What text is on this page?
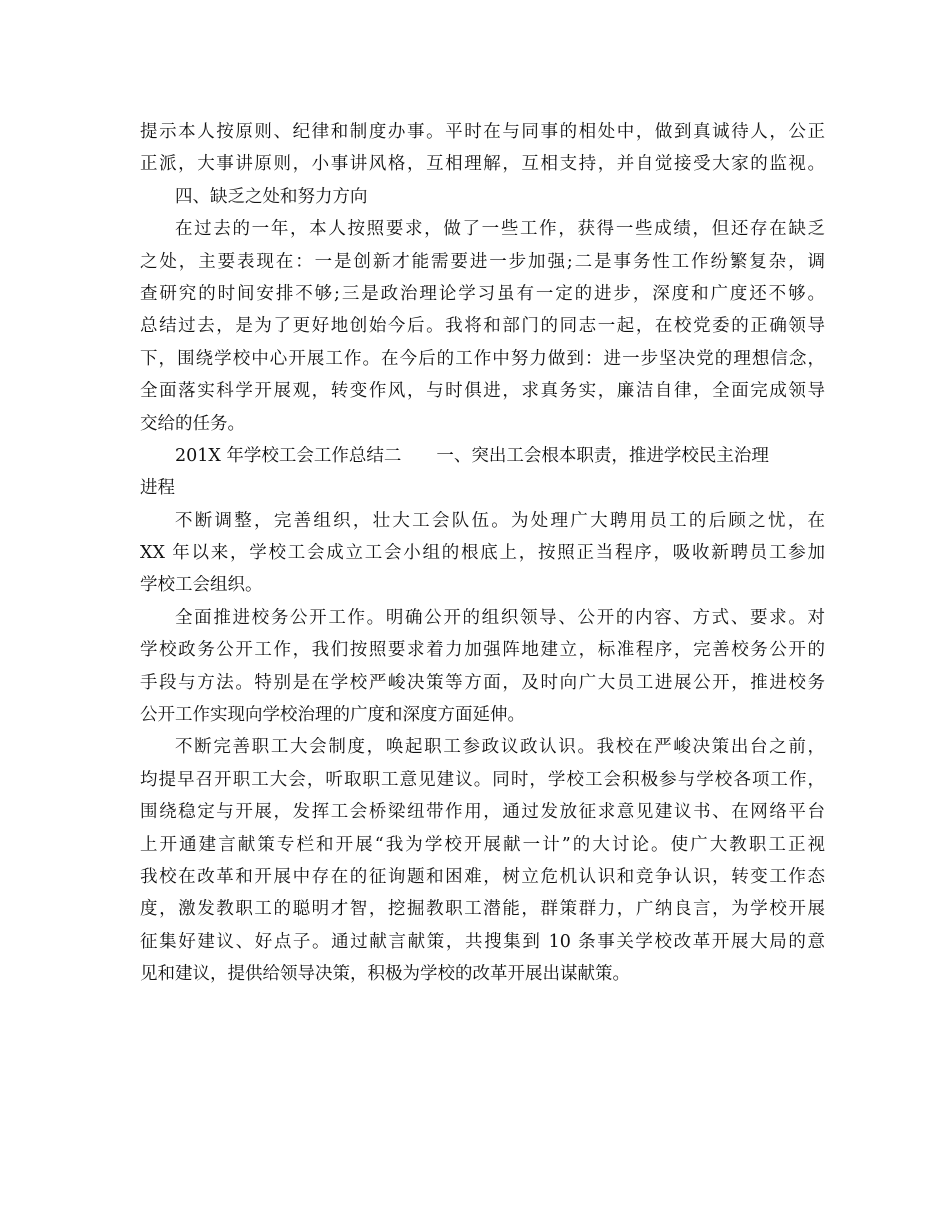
提示本人按原则、纪律和制度办事。平时在与同事的相处中，做到真诚待人，公正
正派，大事讲原则，小事讲风格，互相理解，互相支持，并自觉接受大家的监视。
四、缺乏之处和努力方向
在过去的一年，本人按照要求，做了一些工作，获得一些成绩，但还存在缺乏
之处，主要表现在：一是创新才能需要进一步加强;二是事务性工作纷繁复杂，调
查研究的时间安排不够;三是政治理论学习虽有一定的进步，深度和广度还不够。
总结过去，是为了更好地创始今后。我将和部门的同志一起，在校党委的正确领导
下，围绕学校中心开展工作。在今后的工作中努力做到：进一步坚决党的理想信念，
全面落实科学开展观，转变作风，与时俱进，求真务实，廉洁自律，全面完成领导
交给的任务。
201X 年学校工会工作总结二　　一、突出工会根本职责，推进学校民主治理
进程
不断调整，完善组织，壮大工会队伍。为处理广大聘用员工的后顾之忧，在
XX 年以来，学校工会成立工会小组的根底上，按照正当程序，吸收新聘员工参加
学校工会组织。
全面推进校务公开工作。明确公开的组织领导、公开的内容、方式、要求。对
学校政务公开工作，我们按照要求着力加强阵地建立，标准程序，完善校务公开的
手段与方法。特别是在学校严峻决策等方面，及时向广大员工进展公开，推进校务
公开工作实现向学校治理的广度和深度方面延伸。
不断完善职工大会制度，唤起职工参政议政认识。我校在严峻决策出台之前，
均提早召开职工大会，听取职工意见建议。同时，学校工会积极参与学校各项工作，
围绕稳定与开展，发挥工会桥梁纽带作用，通过发放征求意见建议书、在网络平台
上开通建言献策专栏和开展“我为学校开展献一计”的大讨论。使广大教职工正视
我校在改革和开展中存在的征询题和困难，树立危机认识和竞争认识，转变工作态
度，激发教职工的聪明才智，挖掘教职工潜能，群策群力，广纳良言，为学校开展
征集好建议、好点子。通过献言献策，共搜集到 10 条事关学校改革开展大局的意
见和建议，提供给领导决策，积极为学校的改革开展出谋献策。
